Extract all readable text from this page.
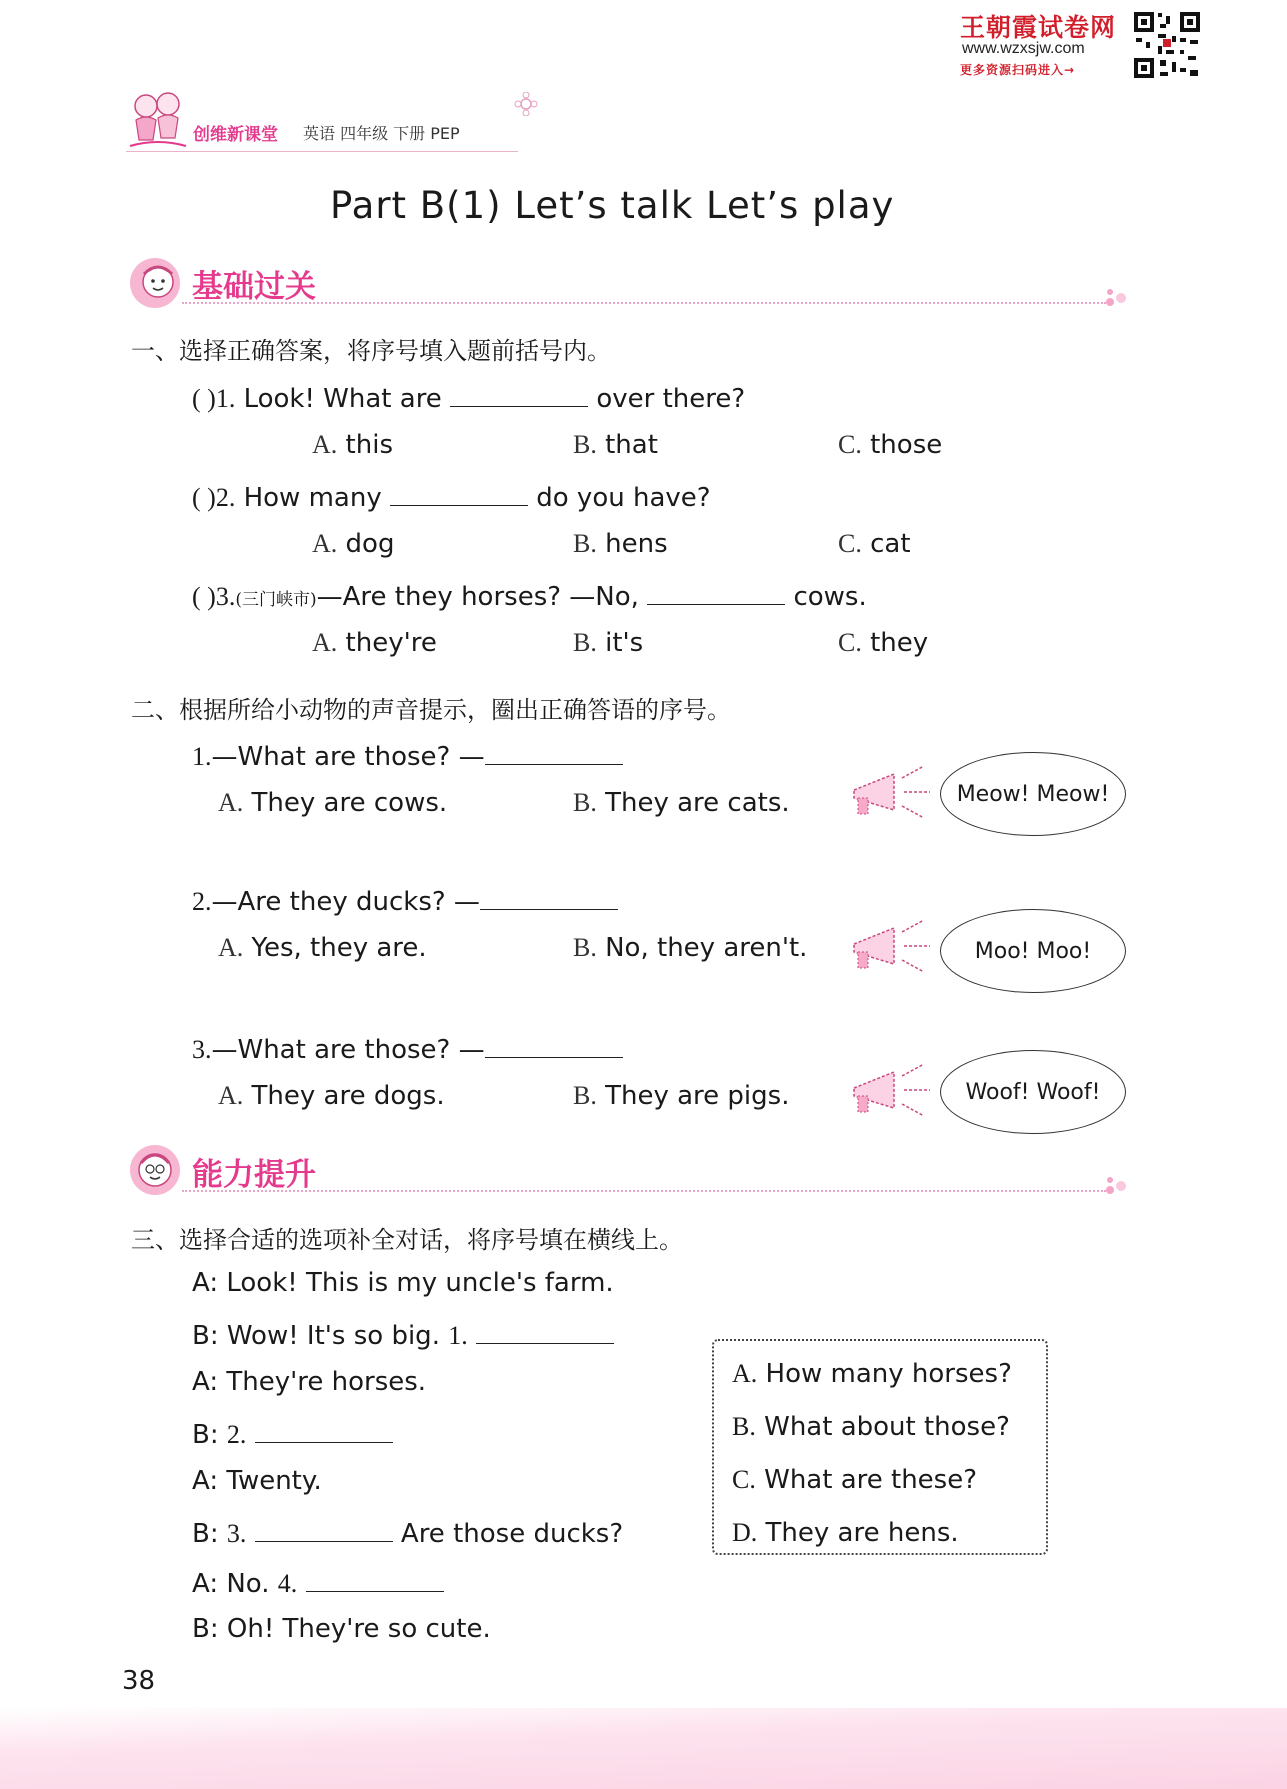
王朝霞试卷网
www.wzxsjw.com
更多资源扫码进入→
创维新课堂 英语 四年级 下册 PEP
Part B(1) Let’s talk Let’s play
基础过关
一、选择正确答案，将序号填入题前括号内。
( )1. Look! What are	over there?
A. this	B. that	C. those
( )2. How many	do you have?
A. dog	B. hens	C. cat
( )3.(三门峡市)—Are they horses? —No,	cows.
A. they're	B. it's	C. they
二、根据所给小动物的声音提示，圈出正确答语的序号。
1.—What are those? —
A. They are cows.	B. They are cats.	Meow! Meow!
2.—Are they ducks? —
A. Yes, they are.	B. No, they aren't.	Moo! Moo!
3.—What are those? —
A. They are dogs.	B. They are pigs.	Woof! Woof!
能力提升
三、选择合适的选项补全对话，将序号填在横线上。
A: Look! This is my uncle's farm.
B: Wow! It's so big. 1.
A: They're horses.
B: 2.
A: Twenty.
B: 3.	Are those ducks?
A: No. 4.
B: Oh! They're so cute.
A. How many horses?
B. What about those?
C. What are these?
D. They are hens.
38
